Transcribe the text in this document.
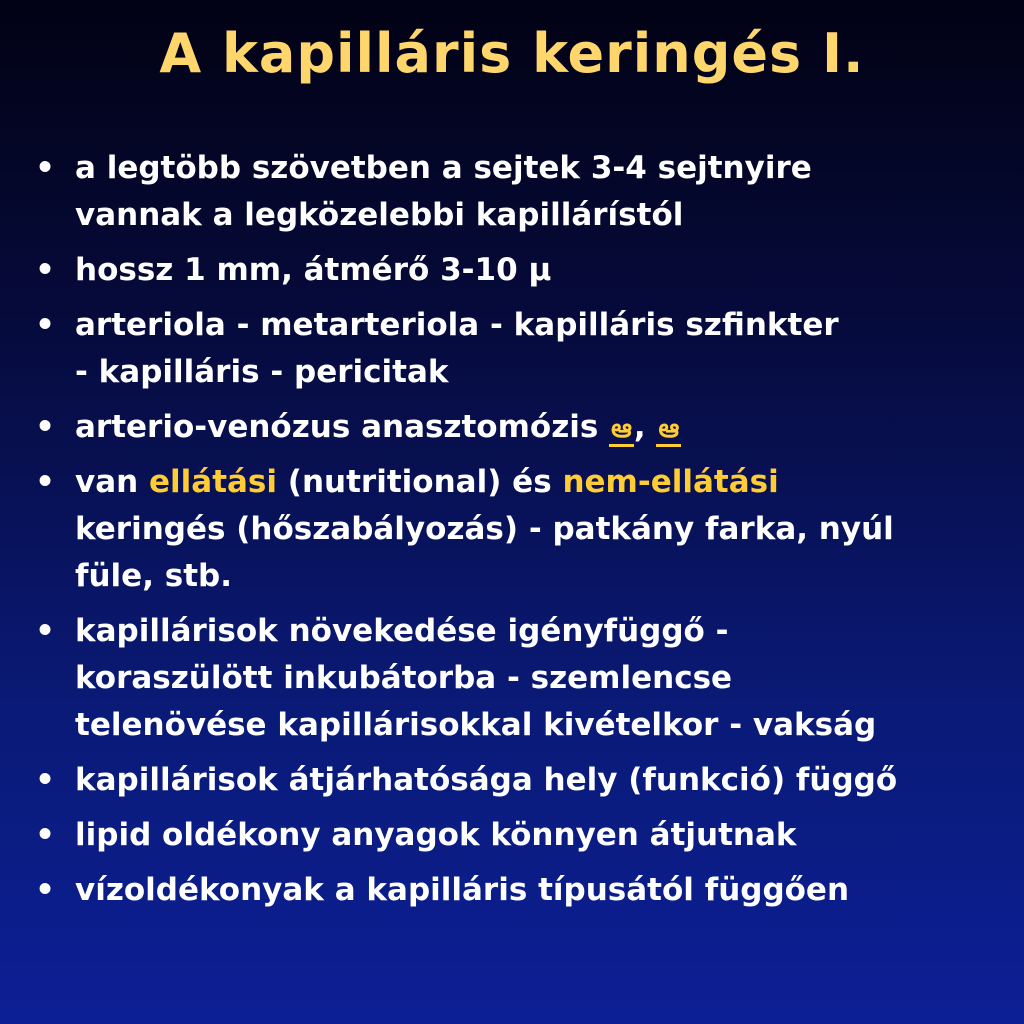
A kapilláris keringés I.
• a legtöbb szövetben a sejtek 3-4 sejtnyire
vannak a legközelebbi kapillárístól
• hossz 1 mm, átmérő 3-10 μ
• arteriola - metarteriola - kapilláris szfinkter
- kapilláris - pericitak
• arterio-venózus anasztomózis ఆ , ఆ
• van ellátási (nutritional) és nem-ellátási
keringés (hőszabályozás) - patkány farka, nyúl
füle, stb.
• kapillárisok növekedése igényfüggő -
koraszülött inkubátorba - szemlencse
telenövése kapillárisokkal kivételkor - vakság
• kapillárisok átjárhatósága hely (funkció) függő
• lipid oldékony anyagok könnyen átjutnak
• vízoldékonyak a kapilláris típusától függően
